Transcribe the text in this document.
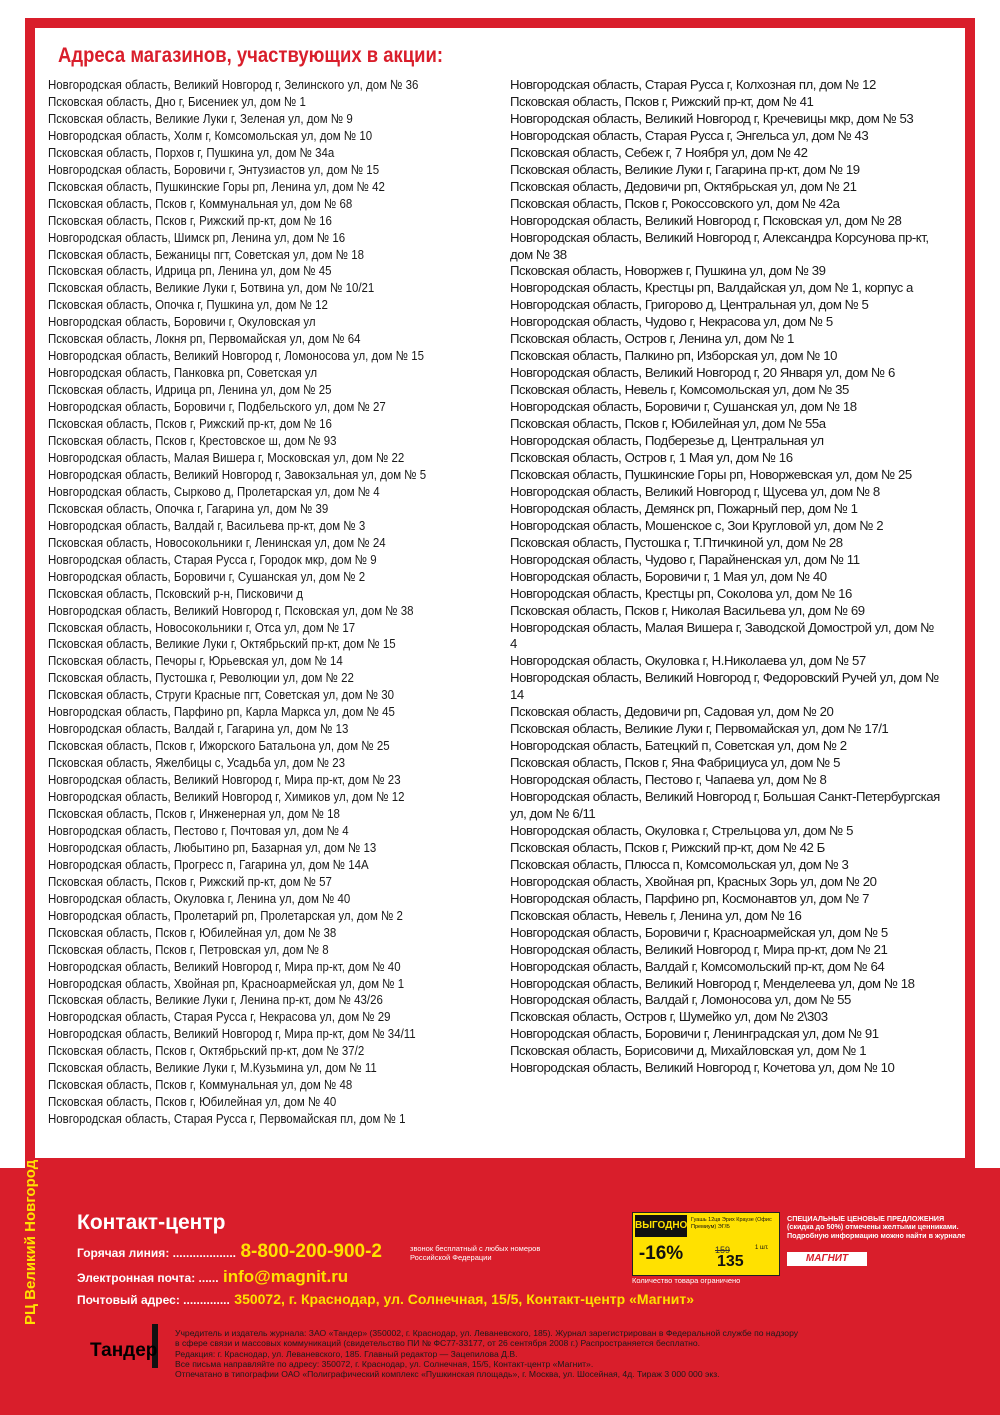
Адреса магазинов, участвующих в акции:
Новгородская область, Великий Новгород г, Зелинского ул, дом № 36
Псковская область, Дно г, Бисениек ул, дом № 1
Псковская область, Великие Луки г, Зеленая ул, дом № 9
Новгородская область, Холм г, Комсомольская ул, дом № 10
Псковская область, Порхов г, Пушкина ул, дом № 34а
Новгородская область, Боровичи г, Энтузиастов ул, дом № 15
Псковская область, Пушкинские Горы рп, Ленина ул, дом № 42
Псковская область, Псков г, Коммунальная ул, дом № 68
Псковская область, Псков г, Рижский пр-кт, дом № 16
Новгородская область, Шимск рп, Ленина ул, дом № 16
Псковская область, Бежаницы пгт, Советская ул, дом № 18
Псковская область, Идрица рп, Ленина ул, дом № 45
Псковская область, Великие Луки г, Ботвина ул, дом № 10/21
Псковская область, Опочка г, Пушкина ул, дом № 12
Новгородская область, Боровичи г, Окуловская ул
Псковская область, Локня рп, Первомайская ул, дом № 64
Новгородская область, Великий Новгород г, Ломоносова ул, дом № 15
Новгородская область, Панковка рп, Советская ул
Псковская область, Идрица рп, Ленина ул, дом № 25
Новгородская область, Боровичи г, Подбельского ул, дом № 27
Псковская область, Псков г, Рижский пр-кт, дом № 16
Псковская область, Псков г, Крестовское ш, дом № 93
Новгородская область, Малая Вишера г, Московская ул, дом № 22
Новгородская область, Великий Новгород г, Завокзальная ул, дом № 5
Новгородская область, Сырково д, Пролетарская ул, дом № 4
Псковская область, Опочка г, Гагарина ул, дом № 39
Новгородская область, Валдай г, Васильева пр-кт, дом № 3
Псковская область, Новосокольники г, Ленинская ул, дом № 24
Новгородская область, Старая Русса г, Городок мкр, дом № 9
Новгородская область, Боровичи г, Сушанская ул, дом № 2
Псковская область, Псковский р-н, Писковичи д
Новгородская область, Великий Новгород г, Псковская ул, дом № 38
Псковская область, Новосокольники г, Отса ул, дом № 17
Псковская область, Великие Луки г, Октябрьский пр-кт, дом № 15
Псковская область, Печоры г, Юрьевская ул, дом № 14
Псковская область, Пустошка г, Революции ул, дом № 22
Псковская область, Струги Красные пгт, Советская ул, дом № 30
Новгородская область, Парфино рп, Карла Маркса ул, дом № 45
Новгородская область, Валдай г, Гагарина ул, дом № 13
Псковская область, Псков г, Ижорского Батальона ул, дом № 25
Псковская область, Яжелбицы с, Усадьба ул, дом № 23
Новгородская область, Великий Новгород г, Мира пр-кт, дом № 23
Новгородская область, Великий Новгород г, Химиков ул, дом № 12
Псковская область, Псков г, Инженерная ул, дом № 18
Новгородская область, Пестово г, Почтовая ул, дом № 4
Новгородская область, Любытино рп, Базарная ул, дом № 13
Новгородская область, Прогресс п, Гагарина ул, дом № 14А
Псковская область, Псков г, Рижский пр-кт, дом № 57
Новгородская область, Окуловка г, Ленина ул, дом № 40
Новгородская область, Пролетарий рп, Пролетарская ул, дом № 2
Псковская область, Псков г, Юбилейная ул, дом № 38
Псковская область, Псков г, Петровская ул, дом № 8
Новгородская область, Великий Новгород г, Мира пр-кт, дом № 40
Новгородская область, Хвойная рп, Красноармейская ул, дом № 1
Псковская область, Великие Луки г, Ленина пр-кт, дом № 43/26
Новгородская область, Старая Русса г, Некрасова ул, дом № 29
Новгородская область, Великий Новгород г, Мира пр-кт, дом № 34/11
Псковская область, Псков г, Октябрьский пр-кт, дом № 37/2
Псковская область, Великие Луки г, М.Кузьмина ул, дом № 11
Псковская область, Псков г, Коммунальная ул, дом № 48
Псковская область, Псков г, Юбилейная ул, дом № 40
Новгородская область, Старая Русса г, Первомайская пл, дом № 1
Новгородская область, Старая Русса г, Колхозная пл, дом № 12
Псковская область, Псков г, Рижский пр-кт, дом № 41
Новгородская область, Великий Новгород г, Кречевицы мкр, дом № 53
Новгородская область, Старая Русса г, Энгельса ул, дом № 43
Псковская область, Себеж г, 7 Ноября ул, дом № 42
Псковская область, Великие Луки г, Гагарина пр-кт, дом № 19
Псковская область, Дедовичи рп, Октябрьская ул, дом № 21
Псковская область, Псков г, Рокоссовского ул, дом № 42а
Новгородская область, Великий Новгород г, Псковская ул, дом № 28
Новгородская область, Великий Новгород г, Александра Корсунова пр-кт, дом № 38
Псковская область, Новоржев г, Пушкина ул, дом № 39
Новгородская область, Крестцы рп, Валдайская ул, дом № 1, корпус а
Новгородская область, Григорово д, Центральная ул, дом № 5
Новгородская область, Чудово г, Некрасова ул, дом № 5
Псковская область, Остров г, Ленина ул, дом № 1
Псковская область, Палкино рп, Изборская ул, дом № 10
Новгородская область, Великий Новгород г, 20 Января ул, дом № 6
Псковская область, Невель г, Комсомольская ул, дом № 35
Новгородская область, Боровичи г, Сушанская ул, дом № 18
Псковская область, Псков г, Юбилейная ул, дом № 55а
Новгородская область, Подберезье д, Центральная ул
Псковская область, Остров г, 1 Мая ул, дом № 16
Псковская область, Пушкинские Горы рп, Новоржевская ул, дом № 25
Новгородская область, Великий Новгород г, Щусева ул, дом № 8
Новгородская область, Демянск рп, Пожарный пер, дом № 1
Новгородская область, Мошенское с, Зои Кругловой ул, дом № 2
Псковская область, Пустошка г, Т.Птичкиной ул, дом № 28
Новгородская область, Чудово г, Парайненская ул, дом № 11
Новгородская область, Боровичи г, 1 Мая ул, дом № 40
Новгородская область, Крестцы рп, Соколова ул, дом № 16
Псковская область, Псков г, Николая Васильева ул, дом № 69
Новгородская область, Малая Вишера г, Заводской Домострой ул, дом № 4
Новгородская область, Окуловка г, Н.Николаева ул, дом № 57
Новгородская область, Великий Новгород г, Федоровский Ручей ул, дом № 14
Псковская область, Дедовичи рп, Садовая ул, дом № 20
Псковская область, Великие Луки г, Первомайская ул, дом № 17/1
Новгородская область, Батецкий п, Советская ул, дом № 2
Псковская область, Псков г, Яна Фабрициуса ул, дом № 5
Новгородская область, Пестово г, Чапаева ул, дом № 8
Новгородская область, Великий Новгород г, Большая Санкт-Петербургская ул, дом № 6/11
Новгородская область, Окуловка г, Стрельцова ул, дом № 5
Псковская область, Псков г, Рижский пр-кт, дом № 42 Б
Псковская область, Плюсса п, Комсомольская ул, дом № 3
Новгородская область, Хвойная рп, Красных Зорь ул, дом № 20
Новгородская область, Парфино рп, Космонавтов ул, дом № 7
Псковская область, Невель г, Ленина ул, дом № 16
Новгородская область, Боровичи г, Красноармейская ул, дом № 5
Новгородская область, Великий Новгород г, Мира пр-кт, дом № 21
Новгородская область, Валдай г, Комсомольский пр-кт, дом № 64
Новгородская область, Великий Новгород г, Менделеева ул, дом № 18
Новгородская область, Валдай г, Ломоносова ул, дом № 55
Псковская область, Остров г, Шумейко ул, дом № 2\303
Новгородская область, Боровичи г, Ленинградская ул, дом № 91
Псковская область, Борисовичи д, Михайловская ул, дом № 1
Новгородская область, Великий Новгород г, Кочетова ул, дом № 10
РЦ Великий Новгород Контакт-центр
Горячая линия: ................... 8-800-200-900-2	звонок бесплатный с любых номеров Российской Федерации
Электронная почта: ...... info@magnit.ru
Почтовый адрес: .............. 350072, г. Краснодар, ул. Солнечная, 15/5, Контакт-центр «Магнит»
ВЫГОДНО
-16%
Гуашь 12цв Эрих Краузе (Офис Премиум) ЭГ/Б
159	1 шт.
135
Количество товара ограничено
СПЕЦИАЛЬНЫЕ ЦЕНОВЫЕ ПРЕДЛОЖЕНИЯ (скидка до 50%) отмечены желтыми ценниками. Подробную информацию можно найти в журнале
МАГНИТ
Тандер
Учредитель и издатель журнала: ЗАО «Тандер» (350002, г. Краснодар, ул. Леваневского, 185). Журнал зарегистрирован в Федеральной службе по надзору
в сфере связи и массовых коммуникаций (свидетельство ПИ № ФС77-33177, от 26 сентября 2008 г.) Распространяется бесплатно.
Редакция: г. Краснодар, ул. Леваневского, 185. Главный редактор — Зацепилова Д.В.
Все письма направляйте по адресу: 350072, г. Краснодар, ул. Солнечная, 15/5, Контакт-центр «Магнит».
Отпечатано в типографии ОАО «Полиграфический комплекс «Пушкинская площадь», г. Москва, ул. Шосейная, 4д. Тираж 3 000 000 экз.
